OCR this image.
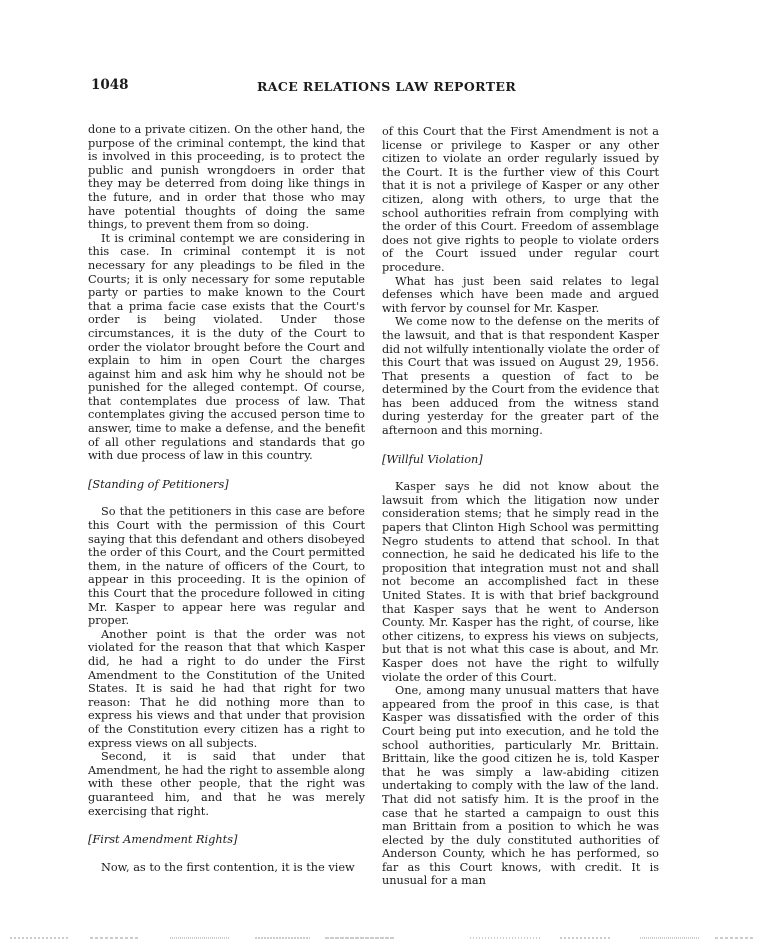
1048	RACE RELATIONS LAW REPORTER

done to a private citizen. On the other hand, the purpose of the criminal contempt, the kind that is involved in this proceeding, is to protect the public and punish wrongdoers in order that they may be deterred from doing like things in the future, and in order that those who may have potential thoughts of doing the same things, to prevent them from so doing.

It is criminal contempt we are considering in this case. In criminal contempt it is not necessary for any pleadings to be filed in the Courts; it is only necessary for some reputable party or parties to make known to the Court that a prima facie case exists that the Court's order is being violated. Under those circumstances, it is the duty of the Court to order the violator brought before the Court and explain to him in open Court the charges against him and ask him why he should not be punished for the alleged contempt. Of course, that contemplates due process of law. That contemplates giving the accused person time to answer, time to make a defense, and the benefit of all other regulations and standards that go with due process of law in this country.

[Standing of Petitioners]

So that the petitioners in this case are before this Court with the permission of this Court saying that this defendant and others disobeyed the order of this Court, and the Court permitted them, in the nature of officers of the Court, to appear in this proceeding. It is the opinion of this Court that the procedure followed in citing Mr. Kasper to appear here was regular and proper.

Another point is that the order was not violated for the reason that that which Kasper did, he had a right to do under the First Amendment to the Constitution of the United States. It is said he had that right for two reason: That he did nothing more than to express his views and that under that provision of the Constitution every citizen has a right to express views on all subjects.

Second, it is said that under that Amendment, he had the right to assemble along with these other people, that the right was guaranteed him, and that he was merely exercising that right.

[First Amendment Rights]

Now, as to the first contention, it is the view

of this Court that the First Amendment is not a license or privilege to Kasper or any other citizen to violate an order regularly issued by the Court. It is the further view of this Court that it is not a privilege of Kasper or any other citizen, along with others, to urge that the school authorities refrain from complying with the order of this Court. Freedom of assemblage does not give rights to people to violate orders of the Court issued under regular court procedure.

What has just been said relates to legal defenses which have been made and argued with fervor by counsel for Mr. Kasper.

We come now to the defense on the merits of the lawsuit, and that is that respondent Kasper did not wilfully intentionally violate the order of this Court that was issued on August 29, 1956. That presents a question of fact to be determined by the Court from the evidence that has been adduced from the witness stand during yesterday for the greater part of the afternoon and this morning.

[Willful Violation]

Kasper says he did not know about the lawsuit from which the litigation now under consideration stems; that he simply read in the papers that Clinton High School was permitting Negro students to attend that school. In that connection, he said he dedicated his life to the proposition that integration must not and shall not become an accomplished fact in these United States. It is with that brief background that Kasper says that he went to Anderson County. Mr. Kasper has the right, of course, like other citizens, to express his views on subjects, but that is not what this case is about, and Mr. Kasper does not have the right to wilfully violate the order of this Court.

One, among many unusual matters that have appeared from the proof in this case, is that Kasper was dissatisfied with the order of this Court being put into execution, and he told the school authorities, particularly Mr. Brittain. Brittain, like the good citizen he is, told Kasper that he was simply a law-abiding citizen undertaking to comply with the law of the land. That did not satisfy him. It is the proof in the case that he started a campaign to oust this man Brittain from a position to which he was elected by the duly constituted authorities of Anderson County, which he has performed, so far as this Court knows, with credit. It is unusual for a man
